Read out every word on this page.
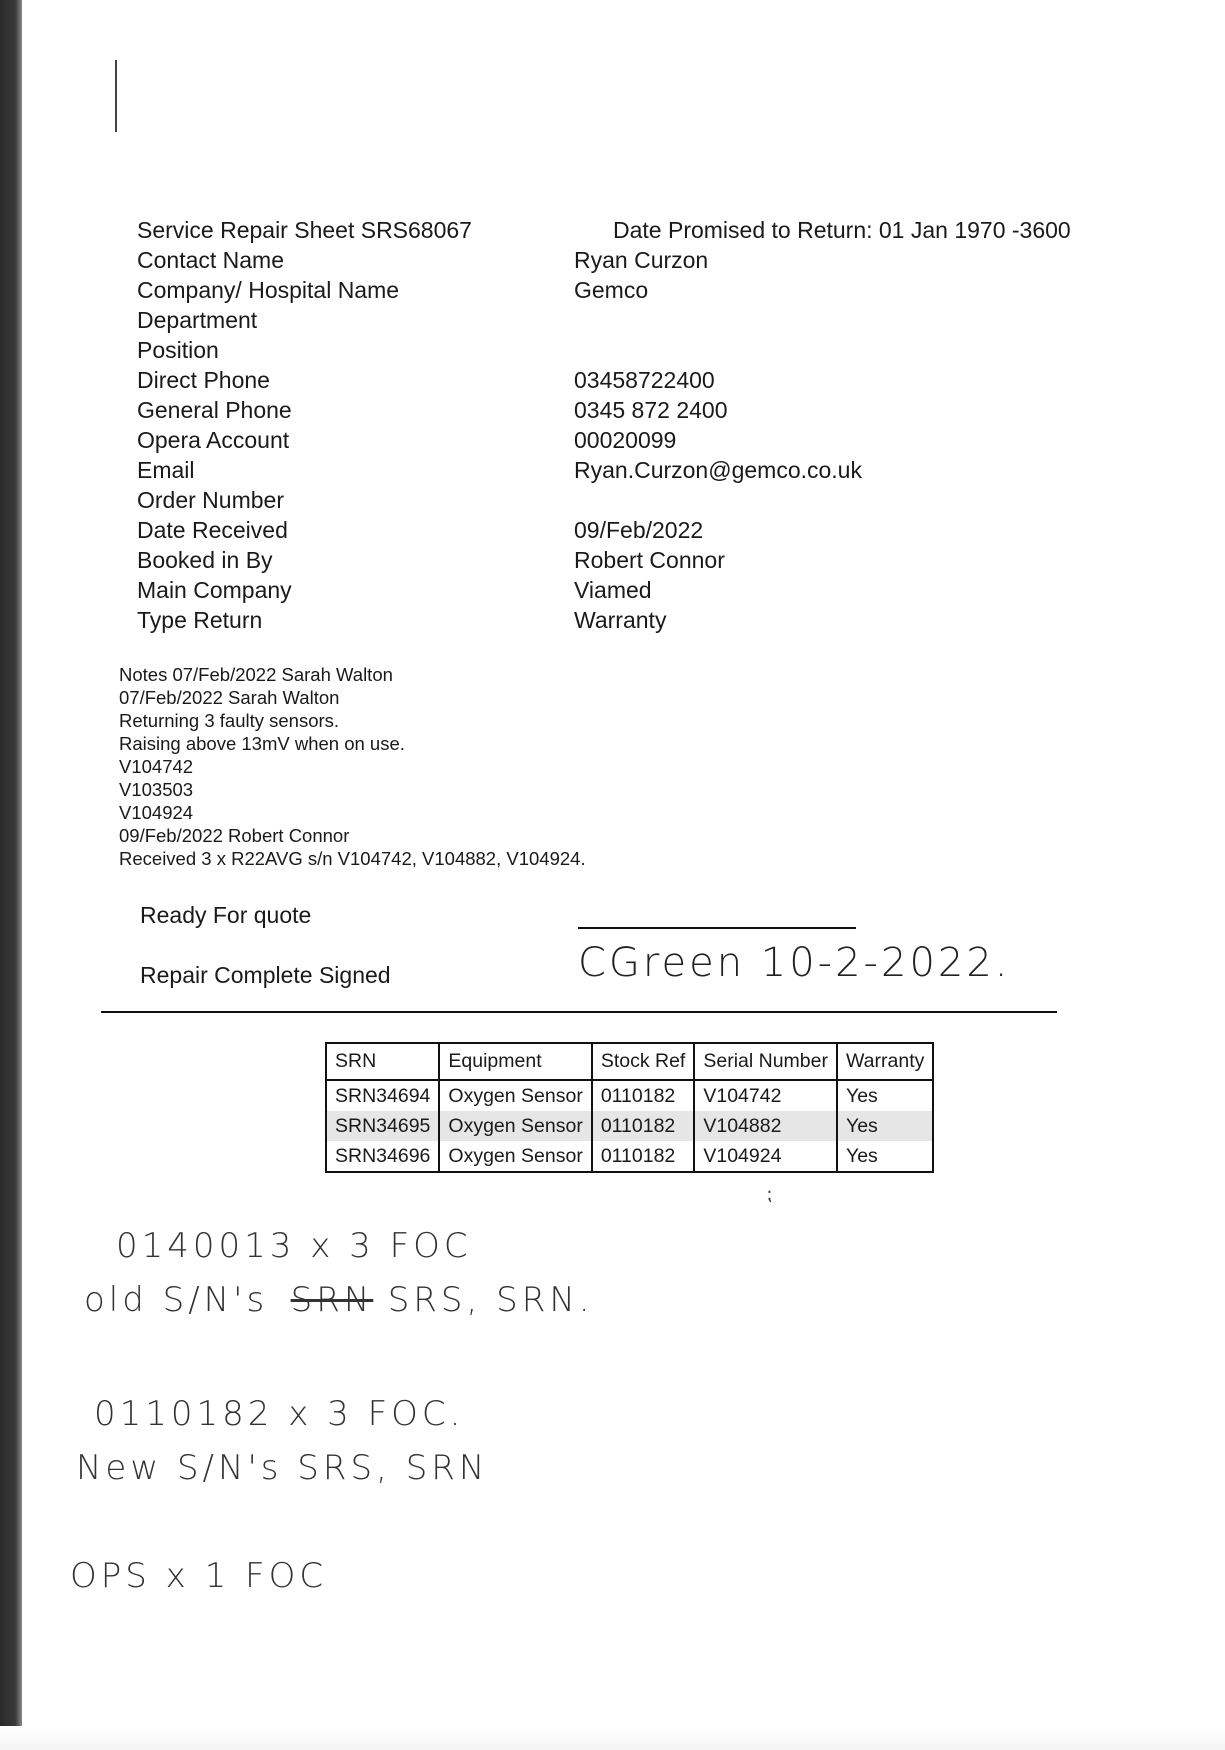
Service Repair Sheet SRS68067	Date Promised to Return: 01 Jan 1970 -3600
Contact Name	Ryan Curzon
Company/ Hospital Name	Gemco
Department
Position
Direct Phone	03458722400
General Phone	0345 872 2400
Opera Account	00020099
Email	Ryan.Curzon@gemco.co.uk
Order Number
Date Received	09/Feb/2022
Booked in By	Robert Connor
Main Company	Viamed
Type Return	Warranty
Notes 07/Feb/2022 Sarah Walton
07/Feb/2022 Sarah Walton
Returning 3 faulty sensors.
Raising above 13mV when on use.
V104742
V103503
V104924
09/Feb/2022 Robert Connor
Received 3 x R22AVG s/n V104742, V104882, V104924.
Ready For quote
Repair Complete Signed	CGreen 10-2-2022.
SRN	Equipment	Stock Ref	Serial Number	Warranty
SRN34694	Oxygen Sensor	0110182	V104742	Yes
SRN34695	Oxygen Sensor	0110182	V104882	Yes
SRN34696	Oxygen Sensor	0110182	V104924	Yes
⁏
0140013 x 3 FOC
old S/N's SRN SRS, SRN.
0110182 x 3 FOC.
New S/N's SRS, SRN
OPS x 1 FOC
